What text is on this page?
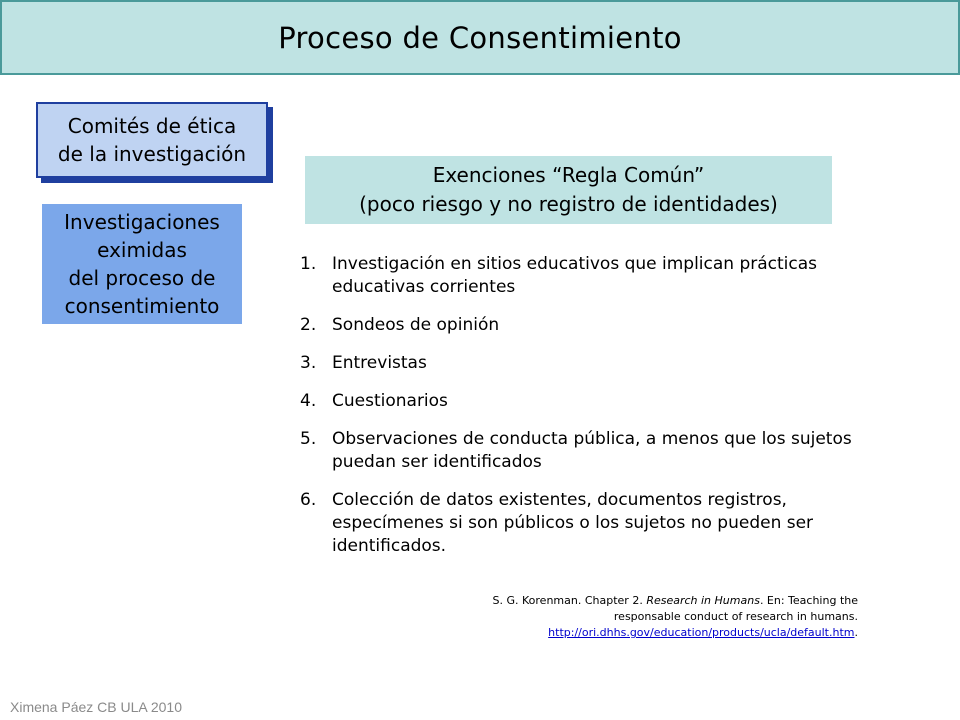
Proceso de Consentimiento
Comités de ética
de la investigación
Investigaciones
eximidas
del proceso de
consentimiento
Exenciones “Regla Común”
(poco riesgo y no registro de identidades)
1. Investigación en sitios educativos que implican prácticas educativas corrientes
2. Sondeos de opinión
3. Entrevistas
4. Cuestionarios
5. Observaciones de conducta pública, a menos que los sujetos puedan ser identificados
6. Colección de datos existentes, documentos registros, especímenes si son públicos o los sujetos no pueden ser identificados.
S. G. Korenman. Chapter 2. Research in Humans. En: Teaching the responsable conduct of research in humans.
http://ori.dhhs.gov/education/products/ucla/default.htm.
Ximena Páez CB ULA 2010
